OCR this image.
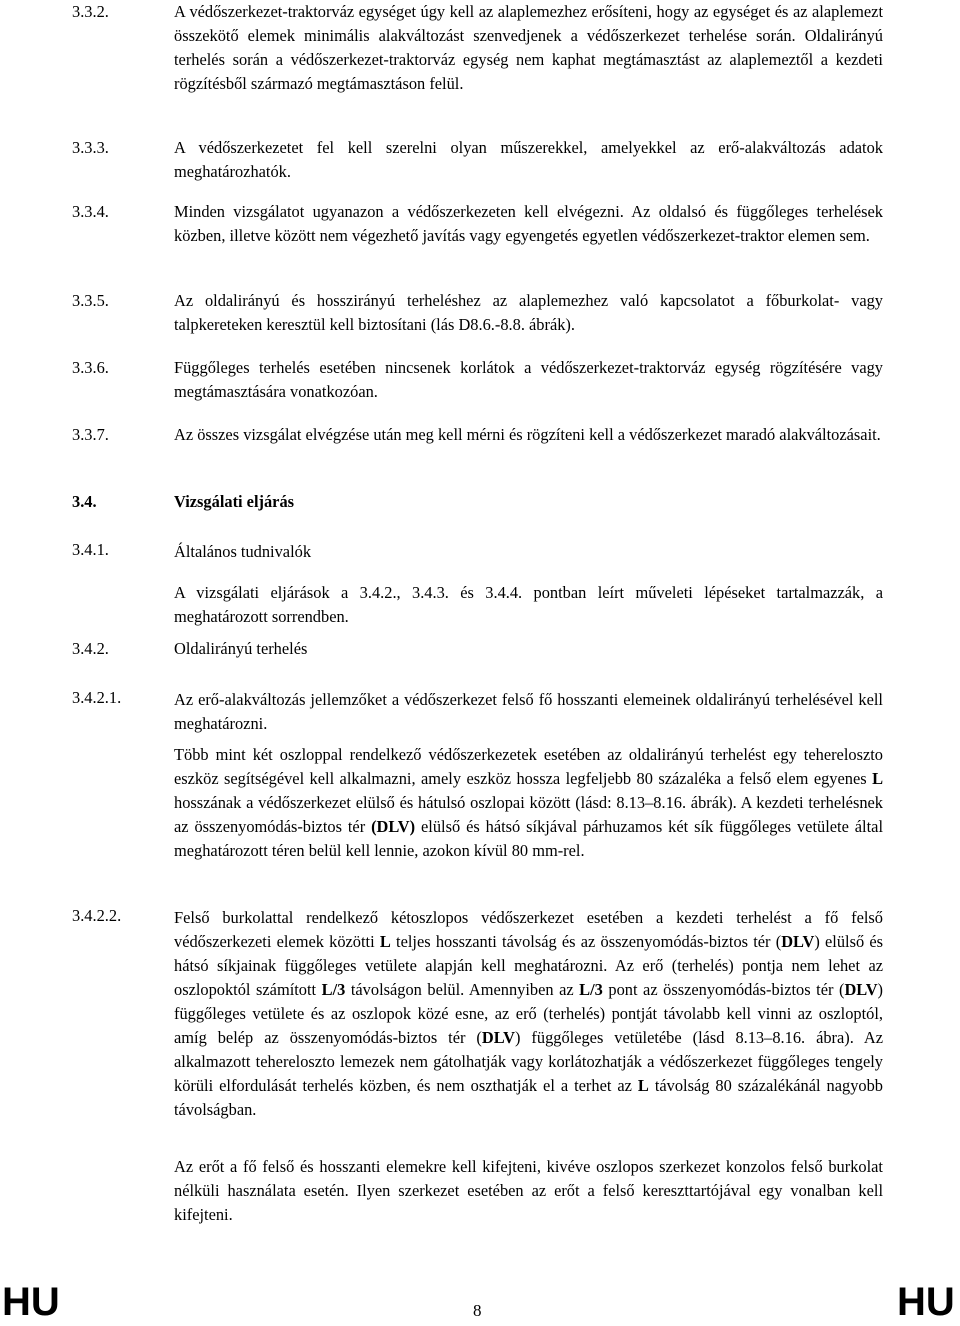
3.3.2.	A védőszerkezet-traktorváz egységet úgy kell az alaplemezhez erősíteni, hogy az egységet és az alaplemezt összekötő elemek minimális alakváltozást szenvedjenek a védőszerkezet terhelése során. Oldalirányú terhelés során a védőszerkezet-traktorváz egység nem kaphat megtámasztást az alaplemeztől a kezdeti rögzítésből származó megtámasztáson felül.

3.3.3.	A védőszerkezetet fel kell szerelni olyan műszerekkel, amelyekkel az erő-alakváltozás adatok meghatározhatók.

3.3.4.	Minden vizsgálatot ugyanazon a védőszerkezeten kell elvégezni. Az oldalsó és függőleges terhelések közben, illetve között nem végezhető javítás vagy egyengetés egyetlen védőszerkezet-traktor elemen sem.

3.3.5.	Az oldalirányú és hosszirányú terheléshez az alaplemezhez való kapcsolatot a főburkolat- vagy talpkereteken keresztül kell biztosítani (lás D8.6.-8.8. ábrák).

3.3.6.	Függőleges terhelés esetében nincsenek korlátok a védőszerkezet-traktorváz egység rögzítésére vagy megtámasztására vonatkozóan.

3.3.7.	Az összes vizsgálat elvégzése után meg kell mérni és rögzíteni kell a védőszerkezet maradó alakváltozásait.

3.4.	Vizsgálati eljárás
3.4.1.	Általános tudnivalók

A vizsgálati eljárások a 3.4.2., 3.4.3. és 3.4.4. pontban leírt műveleti lépéseket tartalmazzák, a meghatározott sorrendben.

3.4.2.	Oldalirányú terhelés
3.4.2.1.	Az erő-alakváltozás jellemzőket a védőszerkezet felső fő hosszanti elemeinek oldalirányú terhelésével kell meghatározni.

Több mint két oszloppal rendelkező védőszerkezetek esetében az oldalirányú terhelést egy tehereloszto eszköz segítségével kell alkalmazni, amely eszköz hossza legfeljebb 80 százaléka a felső elem egyenes L hosszának a védőszerkezet elülső és hátulsó oszlopai között (lásd: 8.13–8.16. ábrák). A kezdeti terhelésnek az összenyomódás-biztos tér (DLV) elülső és hátsó síkjával párhuzamos két sík függőleges vetülete által meghatározott téren belül kell lennie, azokon kívül 80 mm-rel.

3.4.2.2.	Felső burkolattal rendelkező kétoszlopos védőszerkezet esetében a kezdeti terhelést a fő felső védőszerkezeti elemek közötti L teljes hosszanti távolság és az összenyomódás-biztos tér (DLV) elülső és hátsó síkjainak függőleges vetülete alapján kell meghatározni. Az erő (terhelés) pontja nem lehet az oszlopoktól számított L/3 távolságon belül. Amennyiben az L/3 pont az összenyomódás-biztos tér (DLV) függőleges vetülete és az oszlopok közé esne, az erő (terhelés) pontját távolabb kell vinni az oszloptól, amíg belép az összenyomódás-biztos tér (DLV) függőleges vetületébe (lásd 8.13–8.16. ábra). Az alkalmazott tehereloszto lemezek nem gátolhatják vagy korlátozhatják a védőszerkezet függőleges tengely körüli elfordulását terhelés közben, és nem oszthatják el a terhet az L távolság 80 százalékánál nagyobb távolságban.

Az erőt a fő felső és hosszanti elemekre kell kifejteni, kivéve oszlopos szerkezet konzolos felső burkolat nélküli használata esetén. Ilyen szerkezet esetében az erőt a felső kereszttartójával egy vonalban kell kifejteni.

HU	8	HU
